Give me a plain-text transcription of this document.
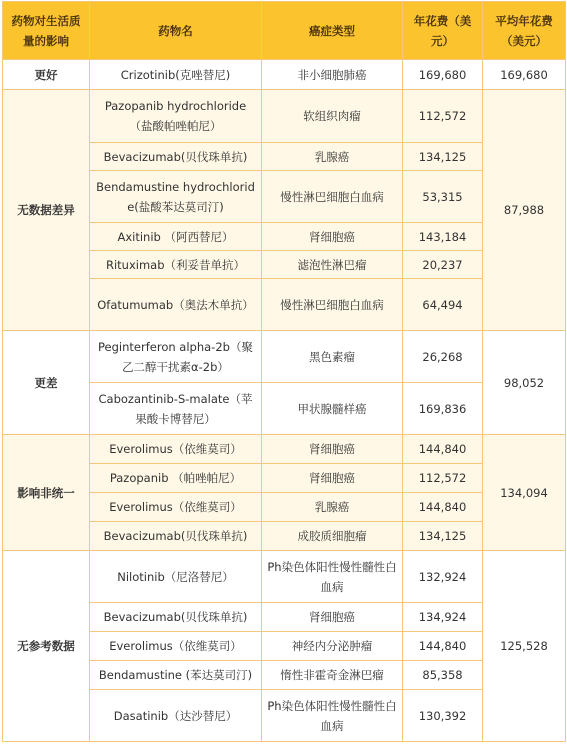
药物对生活质量的影响	药物名	癌症类型	年花费（美元）	平均年花费（美元）
更好	Crizotinib(克唑替尼)	非小细胞肺癌	169,680	169,680
无数据差异	Pazopanib hydrochloride（盐酸帕唑帕尼）	软组织肉瘤	112,572	87,988
	Bevacizumab(贝伐珠单抗)	乳腺癌	134,125	
	Bendamustine hydrochloride(盐酸苯达莫司汀)	慢性淋巴细胞白血病	53,315	
	Axitinib （阿西替尼）	肾细胞癌	143,184	
	Rituximab（利妥昔单抗）	滤泡性淋巴瘤	20,237	
	Ofatumumab（奥法木单抗）	慢性淋巴细胞白血病	64,494	

更差	Peginterferon alpha-2b（聚乙二醇干扰素α-2b）	黑色素瘤	26,268	98,052
	Cabozantinib-S-malate（苹果酸卡博替尼）	甲状腺髓样癌	169,836	
影响非统一	Everolimus（依维莫司）	肾细胞癌	144,840	134,094
	Pazopanib （帕唑帕尼）	肾细胞癌	112,572	
	Everolimus（依维莫司）	乳腺癌	144,840	
	Bevacizumab(贝伐珠单抗)	成胶质细胞瘤	134,125	
无参考数据	Nilotinib（尼洛替尼）	Ph染色体阳性慢性髓性白血病	132,924	125,528
	Bevacizumab(贝伐珠单抗)	肾细胞癌	134,924	
	Everolimus（依维莫司）	神经内分泌肿瘤	144,840	
	Bendamustine (苯达莫司汀)	惰性非霍奇金淋巴瘤	85,358	
	Dasatinib（达沙替尼）	Ph染色体阳性慢性髓性白血病	130,392	
